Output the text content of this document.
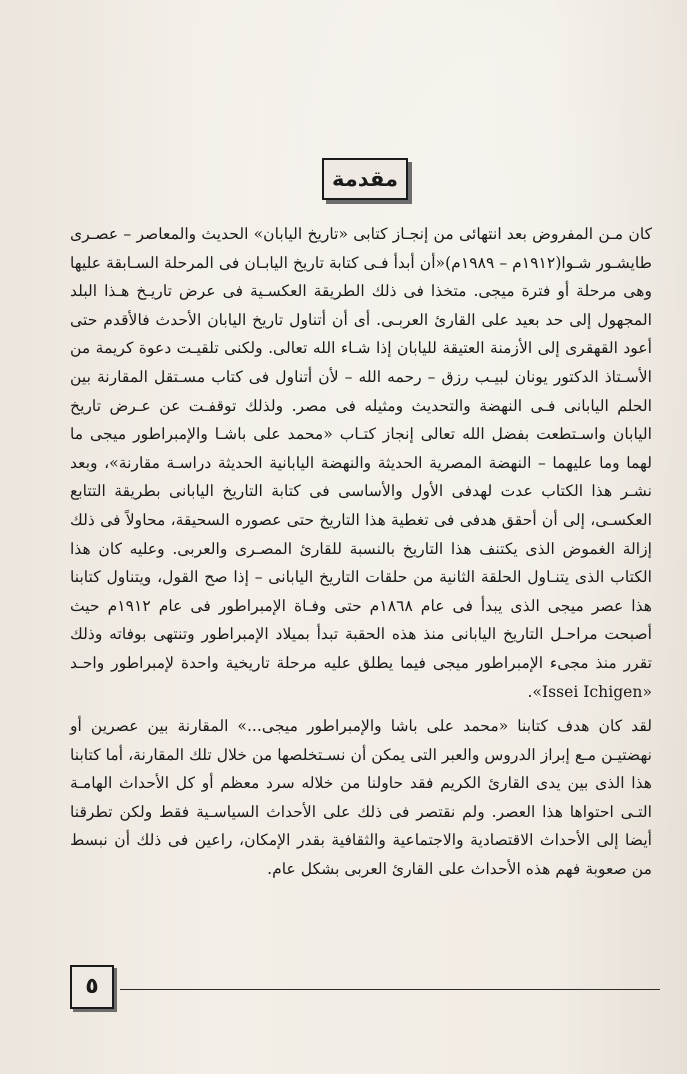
مقدمة

كان مـن المفروض بعد انتهائى من إنجـاز كتابى «تاريخ اليابان» الحديث والمعاصر – عصـرى طايشـور شـوا(١٩١٢م – ١٩٨٩م)«أن أبدأ فـى كتابة تاريخ اليابـان فى المرحلة السـابقة عليها وهى مرحلة أو فترة ميجى. متخذا فى ذلك الطريقة العكسـية فى عرض تاريـخ هـذا البلد المجهول إلى حد بعيد على القارئ العربـى. أى أن أتناول تاريخ اليابان الأحدث فالأقدم حتى أعود القهقرى إلى الأزمنة العتيقة لليابان إذا شـاء الله تعالى. ولكنى تلقيـت دعوة كريمة من الأسـتاذ الدكتور يونان لبيـب رزق – رحمه الله – لأن أتناول فى كتاب مسـتقل المقارنة بين الحلم اليابانى فـى النهضة والتحديث ومثيله فى مصر. ولذلك توقفـت عن عـرض تاريخ اليابان واسـتطعت بفضل الله تعالى إنجاز كتـاب «محمد على باشـا والإمبراطور ميجى ما لهما وما عليهما – النهضة المصرية الحديثة والنهضة اليابانية الحديثة دراسـة مقارنة»، وبعد نشـر هذا الكتاب عدت لهدفى الأول والأساسى فى كتابة التاريخ اليابانى بطريقة التتابع العكسـى، إلى أن أحقق هدفى فى تغطية هذا التاريخ حتى عصوره السحيقة، محاولاً فى ذلك إزالة الغموض الذى يكتنف هذا التاريخ بالنسبة للقارئ المصـرى والعربى. وعليه كان هذا الكتاب الذى يتنـاول الحلقة الثانية من حلقات التاريخ اليابانى – إذا صح القول، ويتناول كتابنا هذا عصر ميجى الذى يبدأ فى عام ١٨٦٨م حتى وفـاة الإمبراطور فى عام ١٩١٢م حيث أصبحت مراحـل التاريخ اليابانى منذ هذه الحقبة تبدأ بميلاد الإمبراطور وتنتهى بوفاته وذلك تقرر منذ مجىء الإمبراطور ميجى فيما يطلق عليه مرحلة تاريخية واحدة لإمبراطور واحـد «Issei Ichigen».

لقد كان هدف كتابنا «محمد على باشا والإمبراطور ميجى...» المقارنة بين عصرين أو نهضتيـن مـع إبراز الدروس والعبر التى يمكن أن نسـتخلصها من خلال تلك المقارنة، أما كتابنا هذا الذى بين يدى القارئ الكريم فقد حاولنا من خلاله سرد معظم أو كل الأحداث الهامـة التـى احتواها هذا العصر. ولم نقتصر فى ذلك على الأحداث السياسـية فقط ولكن تطرقنا أيضا إلى الأحداث الاقتصادية والاجتماعية والثقافية بقدر الإمكان، راعين فى ذلك أن نبسط من صعوبة فهم هذه الأحداث على القارئ العربى بشكل عام.

٥
